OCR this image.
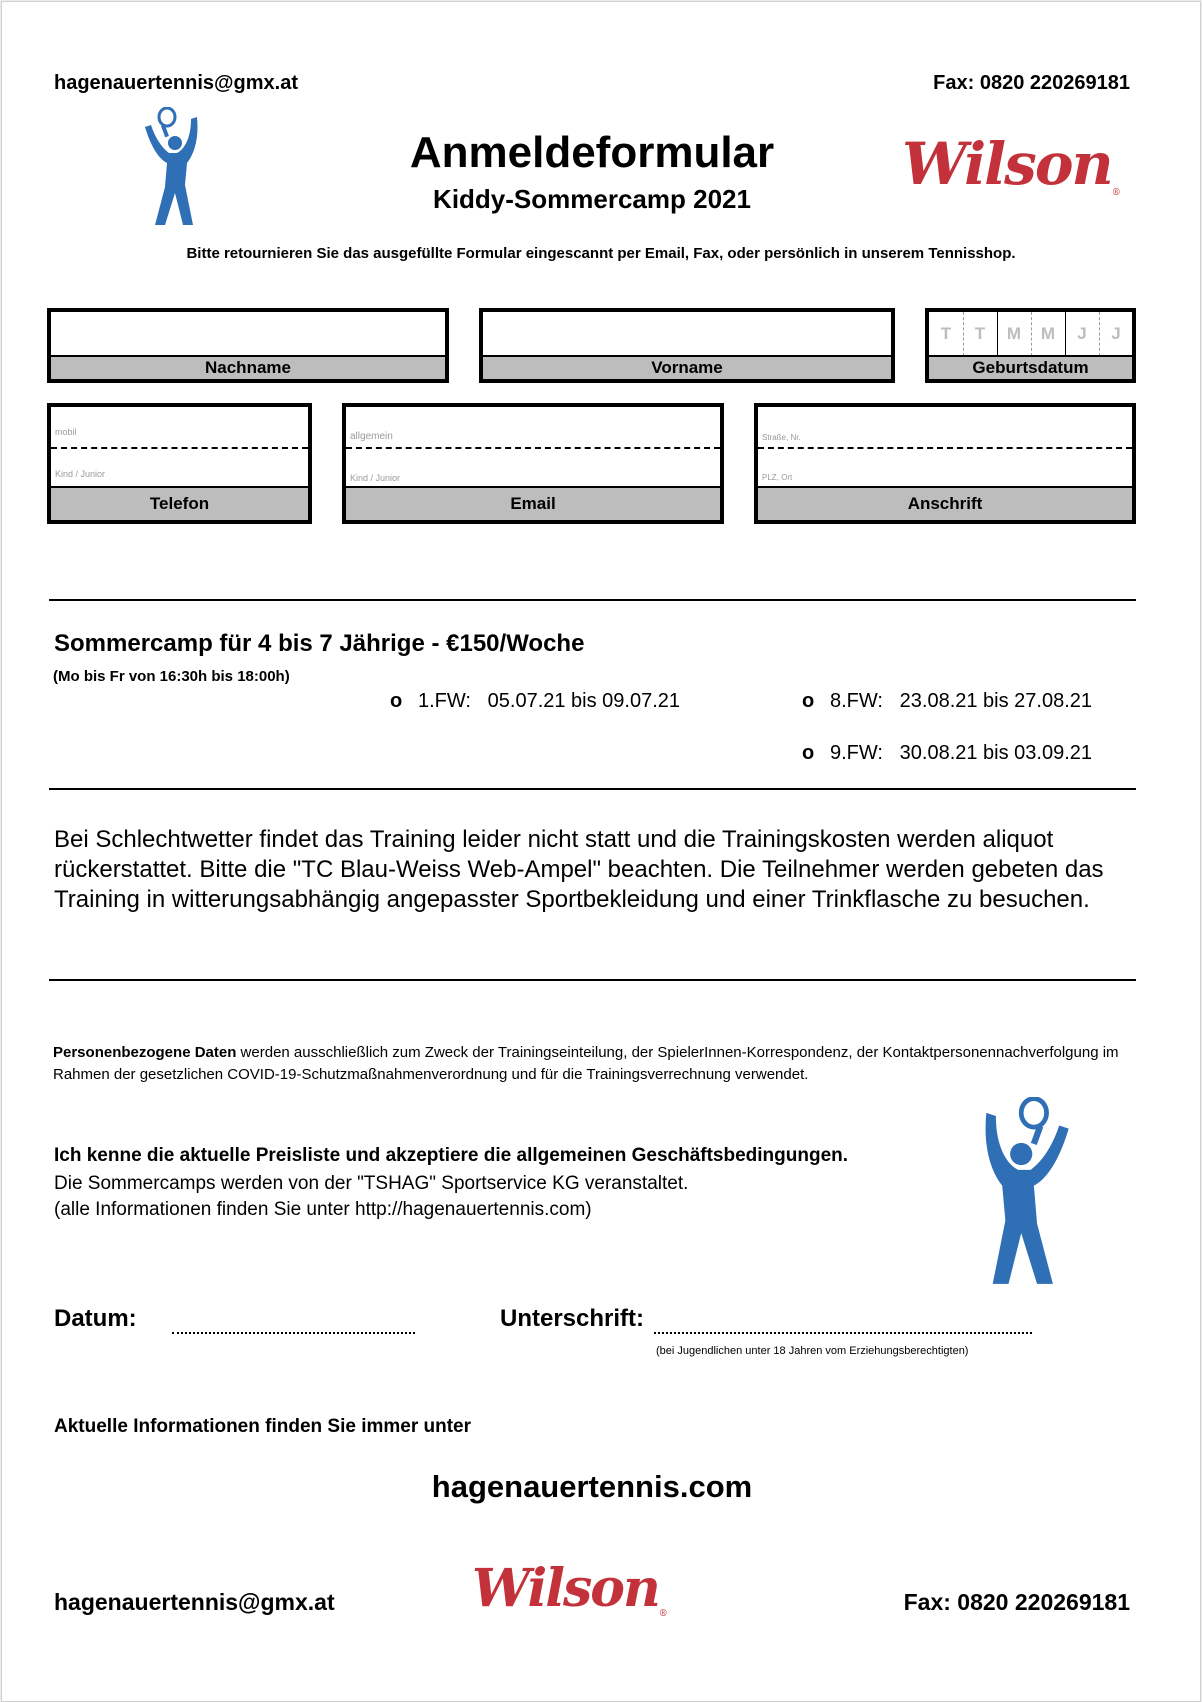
hagenauertennis@gmx.at	Fax: 0820 220269181
Anmeldeformular
Kiddy-Sommercamp 2021
Wilson®
Bitte retournieren Sie das ausgefüllte Formular eingescannt per Email, Fax, oder persönlich in unserem Tennisshop.
Nachname	Vorname
T	T	M	M	J	J
Geburtsdatum
mobil
Kind / Junior
Telefon
allgemein
Kind / Junior
Email
Straße, Nr.
PLZ, Ort
Anschrift
Sommercamp für 4 bis 7 Jährige - €150/Woche
(Mo bis Fr von 16:30h bis 18:00h)
o 1.FW: 05.07.21 bis 09.07.21	o 8.FW: 23.08.21 bis 27.08.21
o 9.FW: 30.08.21 bis 03.09.21
Bei Schlechtwetter findet das Training leider nicht statt und die Trainingskosten werden aliquot rückerstattet. Bitte die "TC Blau-Weiss Web-Ampel" beachten. Die Teilnehmer werden gebeten das Training in witterungsabhängig angepasster Sportbekleidung und einer Trinkflasche zu besuchen.
Personenbezogene Daten werden ausschließlich zum Zweck der Trainingseinteilung, der SpielerInnen-Korrespondenz, der Kontaktpersonennachverfolgung im Rahmen der gesetzlichen COVID-19-Schutzmaßnahmenverordnung und für die Trainingsverrechnung verwendet.
Ich kenne die aktuelle Preisliste und akzeptiere die allgemeinen Geschäftsbedingungen.
Die Sommercamps werden von der "TSHAG" Sportservice KG veranstaltet.
(alle Informationen finden Sie unter http://hagenauertennis.com)
Datum:	Unterschrift:
(bei Jugendlichen unter 18 Jahren vom Erziehungsberechtigten)
Aktuelle Informationen finden Sie immer unter
hagenauertennis.com
hagenauertennis@gmx.at	Wilson®	Fax: 0820 220269181
